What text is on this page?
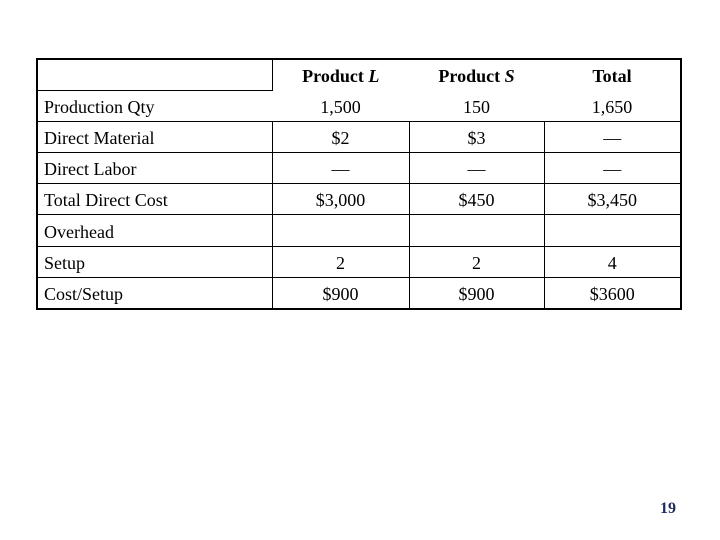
	Product L	Product S	Total
Production Qty	1,500	150	1,650
Direct Material	$2	$3	—
Direct Labor	—	—	—
Total Direct Cost	$3,000	$450	$3,450
Overhead			
Setup	2	2	4
Cost/Setup	$900	$900	$3600
19
